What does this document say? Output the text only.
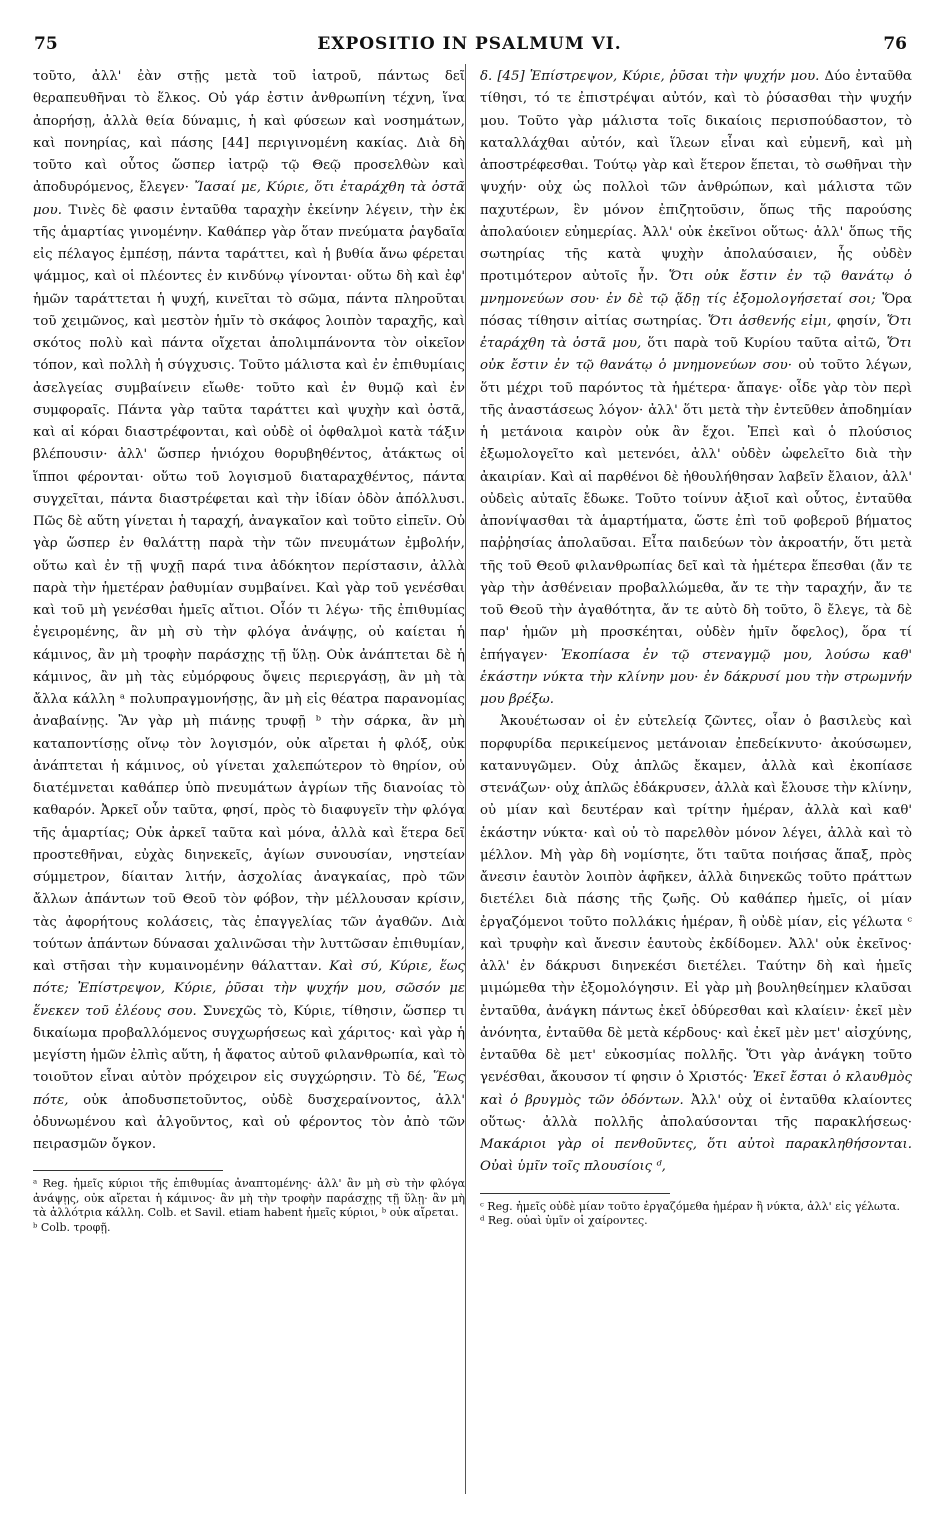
75	EXPOSITIO IN PSALMUM VI.	76

τοῦτο, ἀλλ' ἐὰν στῇς μετὰ τοῦ ἰατροῦ, πάντως δεῖ θεραπευθῆναι τὸ ἕλκος. Οὐ γάρ ἐστιν ἀνθρωπίνη τέχνη, ἵνα ἀπορήσῃ, ἀλλὰ θεία δύναμις, ἡ καὶ φύσεων καὶ νοσημάτων, καὶ πονηρίας, καὶ πάσης [44] περιγινομένη κακίας. Διὰ δὴ τοῦτο καὶ οὗτος ὥσπερ ἰατρῷ τῷ Θεῷ προσελθὼν καὶ ἀποδυρόμενος, ἔλεγεν· Ἴασαί με, Κύριε, ὅτι ἐταράχθη τὰ ὀστᾶ μου. Τινὲς δὲ φασιν ἐνταῦθα ταραχὴν ἐκείνην λέγειν, τὴν ἐκ τῆς ἁμαρτίας γινομένην. Καθάπερ γὰρ ὅταν πνεύματα ῥαγδαῖα εἰς πέλαγος ἐμπέσῃ, πάντα ταράττει, καὶ ἡ βυθία ἄνω φέρεται ψάμμος, καὶ οἱ πλέοντες ἐν κινδύνῳ γίνονται· οὕτω δὴ καὶ ἐφ' ἡμῶν ταράττεται ἡ ψυχή, κινεῖται τὸ σῶμα, πάντα πληροῦται τοῦ χειμῶνος, καὶ μεστὸν ἡμῖν τὸ σκάφος λοιπὸν ταραχῆς, καὶ σκότος πολὺ καὶ πάντα οἴχεται ἀπολιμπάνοντα τὸν οἰκεῖον τόπον, καὶ πολλὴ ἡ σύγχυσις. Τοῦτο μάλιστα καὶ ἐν ἐπιθυμίαις ἀσελγείας συμβαίνειν εἴωθε· τοῦτο καὶ ἐν θυμῷ καὶ ἐν συμφοραῖς. Πάντα γὰρ ταῦτα ταράττει καὶ ψυχὴν καὶ ὀστᾶ, καὶ αἱ κόραι διαστρέφονται, καὶ οὐδὲ οἱ ὀφθαλμοὶ κατὰ τάξιν βλέπουσιν· ἀλλ' ὥσπερ ἡνιόχου θορυβηθέντος, ἀτάκτως οἱ ἵπποι φέρονται· οὕτω τοῦ λογισμοῦ διαταραχθέντος, πάντα συγχεῖται, πάντα διαστρέφεται καὶ τὴν ἰδίαν ὁδὸν ἀπόλλυσι. Πῶς δὲ αὕτη γίνεται ἡ ταραχή, ἀναγκαῖον καὶ τοῦτο εἰπεῖν. Οὐ γὰρ ὥσπερ ἐν θαλάττῃ παρὰ τὴν τῶν πνευμάτων ἐμβολήν, οὕτω καὶ ἐν τῇ ψυχῇ παρά τινα ἀδόκητον περίστασιν, ἀλλὰ παρὰ τὴν ἡμετέραν ῥαθυμίαν συμβαίνει. Καὶ γὰρ τοῦ γενέσθαι καὶ τοῦ μὴ γενέσθαι ἡμεῖς αἴτιοι. Οἷόν τι λέγω· τῆς ἐπιθυμίας ἐγειρομένης, ἂν μὴ σὺ τὴν φλόγα ἀνάψῃς, οὐ καίεται ἡ κάμινος, ἂν μὴ τροφὴν παράσχῃς τῇ ὕλῃ. Οὐκ ἀνάπτεται δὲ ἡ κάμινος, ἂν μὴ τὰς εὐμόρφους ὄψεις περιεργάσῃ, ἂν μὴ τὰ ἄλλα κάλλη ᵃ πολυπραγμονήσῃς, ἂν μὴ εἰς θέατρα παρανομίας ἀναβαίνῃς. Ἂν γὰρ μὴ πιάνῃς τρυφῇ ᵇ τὴν σάρκα, ἂν μὴ καταποντίσῃς οἴνῳ τὸν λογισμόν, οὐκ αἴρεται ἡ φλόξ, οὐκ ἀνάπτεται ἡ κάμινος, οὐ γίνεται χαλεπώτερον τὸ θηρίον, οὐ διατέμνεται καθάπερ ὑπὸ πνευμάτων ἀγρίων τῆς διανοίας τὸ καθαρόν. Ἀρκεῖ οὖν ταῦτα, φησί, πρὸς τὸ διαφυγεῖν τὴν φλόγα τῆς ἁμαρτίας; Οὐκ ἀρκεῖ ταῦτα καὶ μόνα, ἀλλὰ καὶ ἕτερα δεῖ προστεθῆναι, εὐχὰς διηνεκεῖς, ἁγίων συνουσίαν, νηστείαν σύμμετρον, δίαιταν λιτήν, ἀσχολίας ἀναγκαίας, πρὸ τῶν ἄλλων ἁπάντων τοῦ Θεοῦ τὸν φόβον, τὴν μέλλουσαν κρίσιν, τὰς ἀφορήτους κολάσεις, τὰς ἐπαγγελίας τῶν ἀγαθῶν. Διὰ τούτων ἁπάντων δύνασαι χαλινῶσαι τὴν λυττῶσαν ἐπιθυμίαν, καὶ στῆσαι τὴν κυμαινομένην θάλατταν. Καὶ σύ, Κύριε, ἕως πότε; Ἐπίστρεψον, Κύριε, ῥῦσαι τὴν ψυχήν μου, σῶσόν με ἕνεκεν τοῦ ἐλέους σου. Συνεχῶς τὸ, Κύριε, τίθησιν, ὥσπερ τι δικαίωμα προβαλλόμενος συγχωρήσεως καὶ χάριτος· καὶ γὰρ ἡ μεγίστη ἡμῶν ἐλπὶς αὕτη, ἡ ἄφατος αὐτοῦ φιλανθρωπία, καὶ τὸ τοιοῦτον εἶναι αὐτὸν πρόχειρον εἰς συγχώρησιν. Τὸ δέ, Ἕως πότε, οὐκ ἀποδυσπετοῦντος, οὐδὲ δυσχεραίνοντος, ἀλλ' ὀδυνωμένου καὶ ἀλγοῦντος, καὶ οὐ φέροντος τὸν ἀπὸ τῶν πειρασμῶν ὄγκον.

ᵃ Reg. ἡμεῖς κύριοι τῆς ἐπιθυμίας ἀναπτομένης· ἀλλ' ἂν μὴ σὺ τὴν φλόγα ἀνάψῃς, οὐκ αἴρεται ἡ κάμινος· ἂν μὴ τὴν τροφὴν παράσχῃς τῇ ὕλῃ· ἂν μὴ τὰ ἀλλότρια κάλλη. Colb. et Savil. etiam habent ἡμεῖς κύριοι, ᵇ οὐκ αἴρεται.

ᵇ Colb. τροφῇ.

δ. [45] Ἐπίστρεψον, Κύριε, ῥῦσαι τὴν ψυχήν μου. Δύο ἐνταῦθα τίθησι, τό τε ἐπιστρέψαι αὐτόν, καὶ τὸ ῥύσασθαι τὴν ψυχήν μου. Τοῦτο γὰρ μάλιστα τοῖς δικαίοις περισπούδαστον, τὸ καταλλάχθαι αὐτόν, καὶ ἵλεων εἶναι καὶ εὐμενῆ, καὶ μὴ ἀποστρέφεσθαι. Τούτῳ γὰρ καὶ ἕτερον ἕπεται, τὸ σωθῆναι τὴν ψυχήν· οὐχ ὡς πολλοὶ τῶν ἀνθρώπων, καὶ μάλιστα τῶν παχυτέρων, ἓν μόνον ἐπιζητοῦσιν, ὅπως τῆς παρούσης ἀπολαύοιεν εὐημερίας. Ἀλλ' οὐκ ἐκεῖνοι οὕτως· ἀλλ' ὅπως τῆς σωτηρίας τῆς κατὰ ψυχὴν ἀπολαύσαιεν, ἧς οὐδὲν προτιμότερον αὐτοῖς ἦν. Ὅτι οὐκ ἔστιν ἐν τῷ θανάτῳ ὁ μνημονεύων σου· ἐν δὲ τῷ ᾅδῃ τίς ἐξομολογήσεταί σοι; Ὅρα πόσας τίθησιν αἰτίας σωτηρίας. Ὅτι ἀσθενής εἰμι, φησίν, Ὅτι ἐταράχθη τὰ ὀστᾶ μου, ὅτι παρὰ τοῦ Κυρίου ταῦτα αἰτῶ, Ὅτι οὐκ ἔστιν ἐν τῷ θανάτῳ ὁ μνημονεύων σου· οὐ τοῦτο λέγων, ὅτι μέχρι τοῦ παρόντος τὰ ἡμέτερα· ἄπαγε· οἶδε γὰρ τὸν περὶ τῆς ἀναστάσεως λόγον· ἀλλ' ὅτι μετὰ τὴν ἐντεῦθεν ἀποδημίαν ἡ μετάνοια καιρὸν οὐκ ἂν ἔχοι. Ἐπεὶ καὶ ὁ πλούσιος ἐξωμολογεῖτο καὶ μετενόει, ἀλλ' οὐδὲν ὠφελεῖτο διὰ τὴν ἀκαιρίαν. Καὶ αἱ παρθένοι δὲ ἠθουλήθησαν λαβεῖν ἔλαιον, ἀλλ' οὐδεὶς αὐταῖς ἔδωκε. Τοῦτο τοίνυν ἀξιοῖ καὶ οὗτος, ἐνταῦθα ἀπονίψασθαι τὰ ἁμαρτήματα, ὥστε ἐπὶ τοῦ φοβεροῦ βήματος παῤῥησίας ἀπολαῦσαι. Εἶτα παιδεύων τὸν ἀκροατήν, ὅτι μετὰ τῆς τοῦ Θεοῦ φιλανθρωπίας δεῖ καὶ τὰ ἡμέτερα ἕπεσθαι (ἄν τε γὰρ τὴν ἀσθένειαν προβαλλώμεθα, ἄν τε τὴν ταραχήν, ἄν τε τοῦ Θεοῦ τὴν ἀγαθότητα, ἄν τε αὐτὸ δὴ τοῦτο, ὃ ἔλεγε, τὰ δὲ παρ' ἡμῶν μὴ προσκέηται, οὐδὲν ἡμῖν ὄφελος), ὅρα τί ἐπήγαγεν· Ἐκοπίασα ἐν τῷ στεναγμῷ μου, λούσω καθ' ἑκάστην νύκτα τὴν κλίνην μου· ἐν δάκρυσί μου τὴν στρωμνήν μου βρέξω.

Ἀκουέτωσαν οἱ ἐν εὐτελείᾳ ζῶντες, οἷαν ὁ βασιλεὺς καὶ πορφυρίδα περικείμενος μετάνοιαν ἐπεδείκνυτο· ἀκούσωμεν, κατανυγῶμεν. Οὐχ ἁπλῶς ἔκαμεν, ἀλλὰ καὶ ἐκοπίασε στενάζων· οὐχ ἁπλῶς ἐδάκρυσεν, ἀλλὰ καὶ ἔλουσε τὴν κλίνην, οὐ μίαν καὶ δευτέραν καὶ τρίτην ἡμέραν, ἀλλὰ καὶ καθ' ἑκάστην νύκτα· καὶ οὐ τὸ παρελθὸν μόνον λέγει, ἀλλὰ καὶ τὸ μέλλον. Μὴ γὰρ δὴ νομίσητε, ὅτι ταῦτα ποιήσας ἅπαξ, πρὸς ἄνεσιν ἑαυτὸν λοιπὸν ἀφῆκεν, ἀλλὰ διηνεκῶς τοῦτο πράττων διετέλει διὰ πάσης τῆς ζωῆς. Οὐ καθάπερ ἡμεῖς, οἱ μίαν ἐργαζόμενοι τοῦτο πολλάκις ἡμέραν, ἢ οὐδὲ μίαν, εἰς γέλωτα ᶜ καὶ τρυφὴν καὶ ἄνεσιν ἑαυτοὺς ἐκδίδομεν. Ἀλλ' οὐκ ἐκεῖνος· ἀλλ' ἐν δάκρυσι διηνεκέσι διετέλει. Ταύτην δὴ καὶ ἡμεῖς μιμώμεθα τὴν ἐξομολόγησιν. Εἰ γὰρ μὴ βουληθείημεν κλαῦσαι ἐνταῦθα, ἀνάγκη πάντως ἐκεῖ ὀδύρεσθαι καὶ κλαίειν· ἐκεῖ μὲν ἀνόνητα, ἐνταῦθα δὲ μετὰ κέρδους· καὶ ἐκεῖ μὲν μετ' αἰσχύνης, ἐνταῦθα δὲ μετ' εὐκοσμίας πολλῆς. Ὅτι γὰρ ἀνάγκη τοῦτο γενέσθαι, ἄκουσον τί φησιν ὁ Χριστός· Ἐκεῖ ἔσται ὁ κλαυθμὸς καὶ ὁ βρυγμὸς τῶν ὀδόντων. Ἀλλ' οὐχ οἱ ἐνταῦθα κλαίοντες οὕτως· ἀλλὰ πολλῆς ἀπολαύσονται τῆς παρακλήσεως· Μακάριοι γὰρ οἱ πενθοῦντες, ὅτι αὐτοὶ παρακληθήσονται. Οὐαὶ ὑμῖν τοῖς πλουσίοις ᵈ,

ᶜ Reg. ἡμεῖς οὐδὲ μίαν τοῦτο ἐργαζόμεθα ἡμέραν ἢ νύκτα, ἀλλ' εἰς γέλωτα.

ᵈ Reg. οὐαὶ ὑμῖν οἱ χαίροντες.
